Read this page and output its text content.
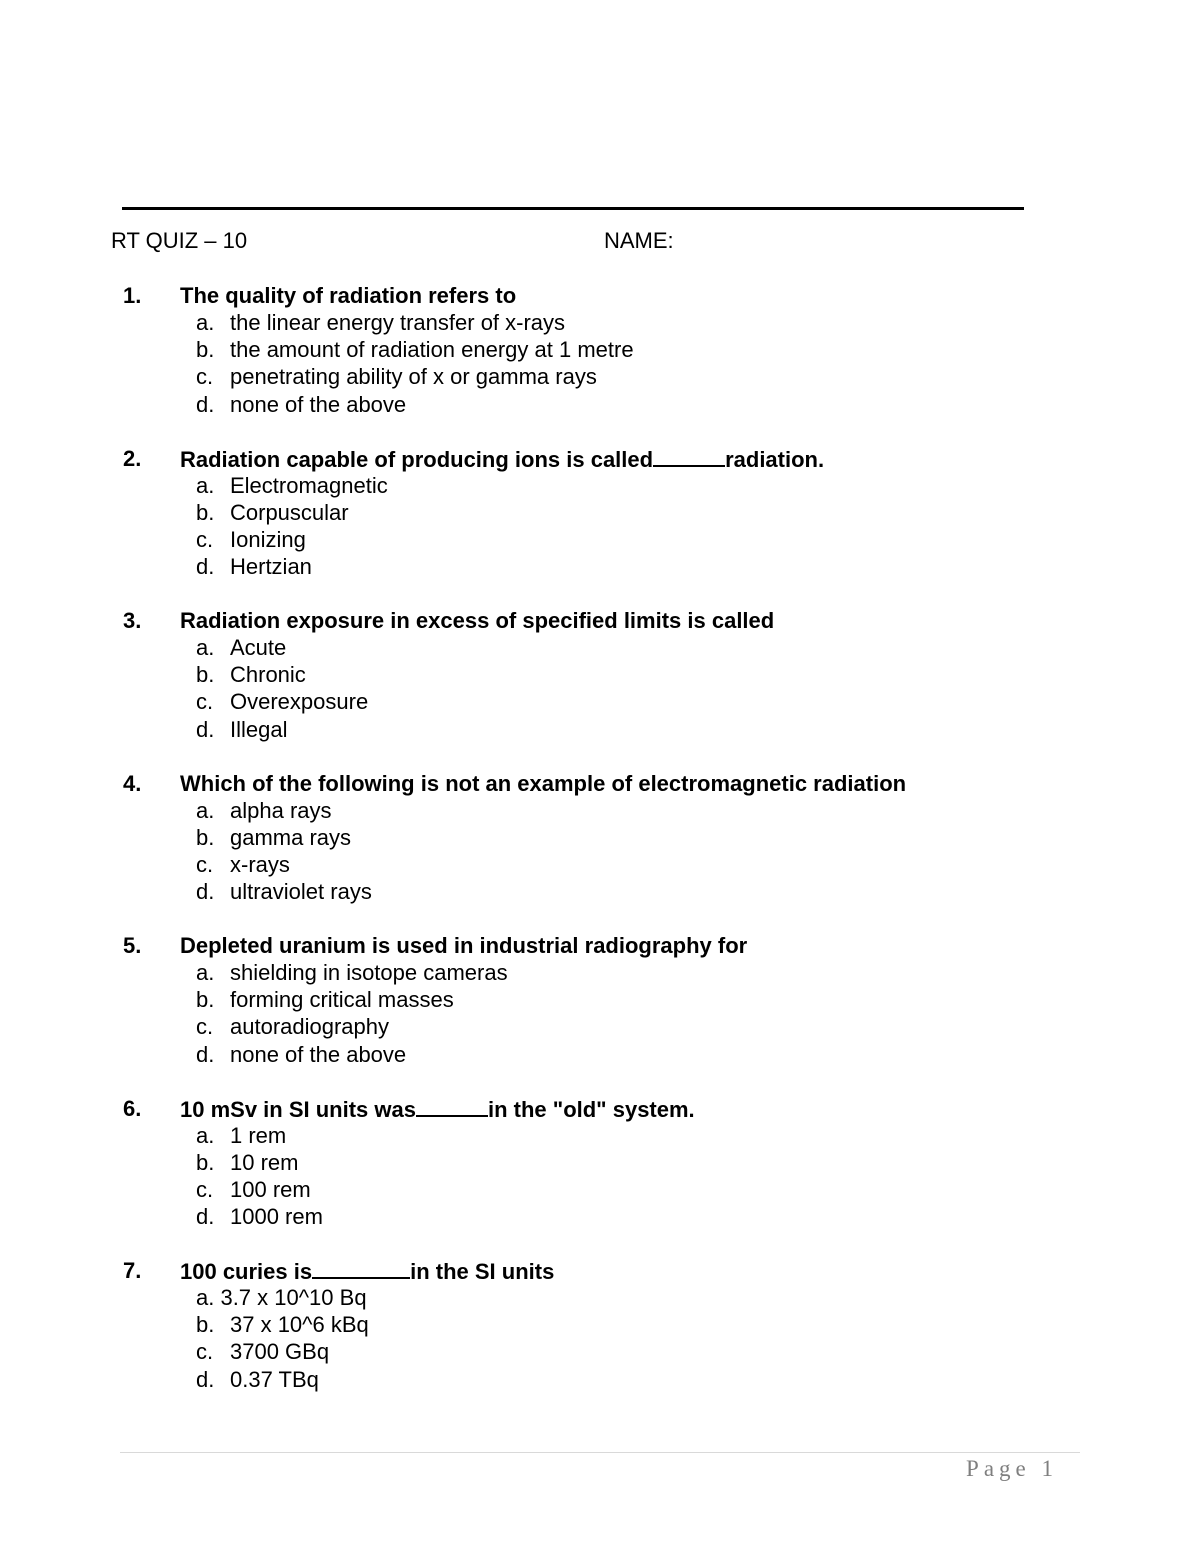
RT QUIZ – 10	NAME:
1. The quality of radiation refers to
a. the linear energy transfer of x-rays
b. the amount of radiation energy at 1 metre
c. penetrating ability of x or gamma rays
d. none of the above
2. Radiation capable of producing ions is called	radiation.
a. Electromagnetic
b. Corpuscular
c. Ionizing
d. Hertzian
3. Radiation exposure in excess of specified limits is called
a. Acute
b. Chronic
c. Overexposure
d. Illegal
4. Which of the following is not an example of electromagnetic radiation
a. alpha rays
b. gamma rays
c. x-rays
d. ultraviolet rays
5. Depleted uranium is used in industrial radiography for
a. shielding in isotope cameras
b. forming critical masses
c. autoradiography
d. none of the above
6. 10 mSv in SI units was	in the "old" system.
a. 1 rem
b. 10 rem
c. 100 rem
d. 1000 rem
7. 100 curies is	in the SI units
a. 3.7 x 10^10 Bq
b. 37 x 10^6 kBq
c. 3700 GBq
d. 0.37 TBq
Page 1
